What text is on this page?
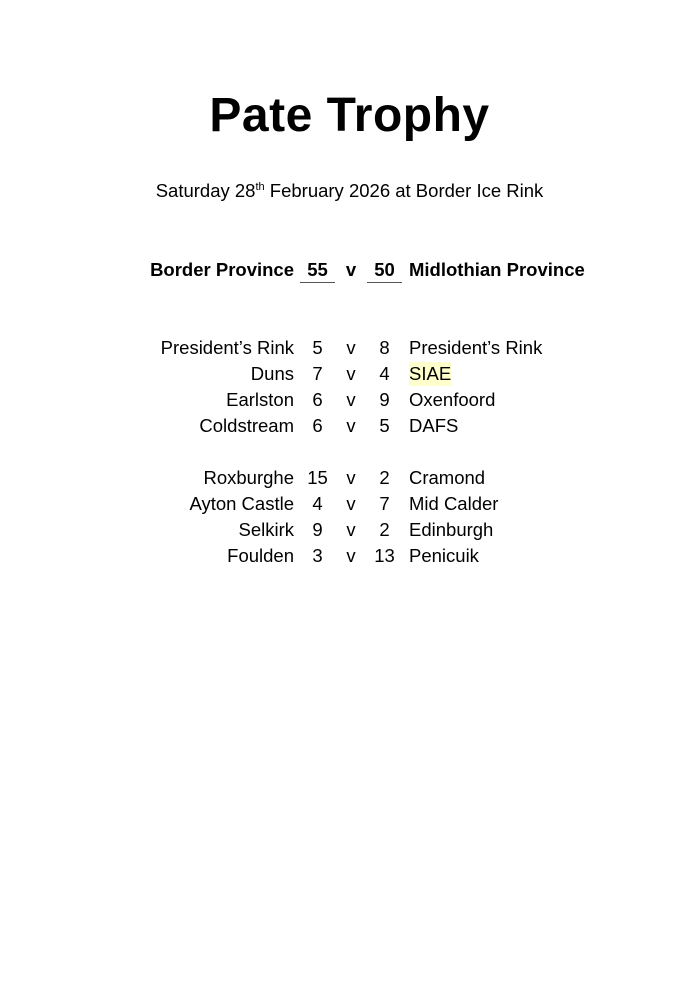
Pate Trophy
Saturday 28th February 2026 at Border Ice Rink
Border Province 55 v 50 Midlothian Province
President’s Rink 5	v	8	President’s Rink
Duns 7	v	4	SIAE
Earlston 6	v	9	Oxenfoord
Coldstream 6	v	5	DAFS
Roxburghe 15	v	2	Cramond
Ayton Castle 4	v	7	Mid Calder
Selkirk 9	v	2	Edinburgh
Foulden 3	v	13 Penicuik
